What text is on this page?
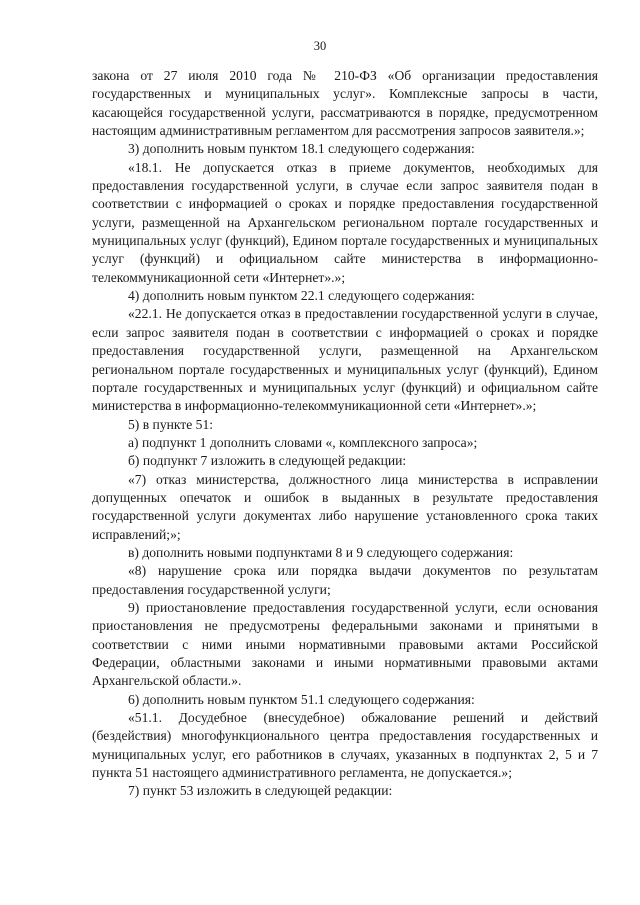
30

закона от 27 июля 2010 года № 210-ФЗ «Об организации предоставления государственных и муниципальных услуг». Комплексные запросы в части, касающейся государственной услуги, рассматриваются в порядке, предусмотренном настоящим административным регламентом для рассмотрения запросов заявителя.»;

3) дополнить новым пунктом 18.1 следующего содержания:

«18.1. Не допускается отказ в приеме документов, необходимых для предоставления государственной услуги, в случае если запрос заявителя подан в соответствии с информацией о сроках и порядке предоставления государственной услуги, размещенной на Архангельском региональном портале государственных и муниципальных услуг (функций), Едином портале государственных и муниципальных услуг (функций) и официальном сайте министерства в информационно-телекоммуникационной сети «Интернет».»;

4) дополнить новым пунктом 22.1 следующего содержания:

«22.1. Не допускается отказ в предоставлении государственной услуги в случае, если запрос заявителя подан в соответствии с информацией о сроках и порядке предоставления государственной услуги, размещенной на Архангельском региональном портале государственных и муниципальных услуг (функций), Едином портале государственных и муниципальных услуг (функций) и официальном сайте министерства в информационно-телекоммуникационной сети «Интернет».»;

5) в пункте 51:

а) подпункт 1 дополнить словами «, комплексного запроса»;

б) подпункт 7 изложить в следующей редакции:

«7) отказ министерства, должностного лица министерства в исправлении допущенных опечаток и ошибок в выданных в результате предоставления государственной услуги документах либо нарушение установленного срока таких исправлений;»;

в) дополнить новыми подпунктами 8 и 9 следующего содержания:

«8) нарушение срока или порядка выдачи документов по результатам предоставления государственной услуги;

9) приостановление предоставления государственной услуги, если основания приостановления не предусмотрены федеральными законами и принятыми в соответствии с ними иными нормативными правовыми актами Российской Федерации, областными законами и иными нормативными правовыми актами Архангельской области.».

6) дополнить новым пунктом 51.1 следующего содержания:

«51.1. Досудебное (внесудебное) обжалование решений и действий (бездействия) многофункционального центра предоставления государственных и муниципальных услуг, его работников в случаях, указанных в подпунктах 2, 5 и 7 пункта 51 настоящего административного регламента, не допускается.»;

7) пункт 53 изложить в следующей редакции:
